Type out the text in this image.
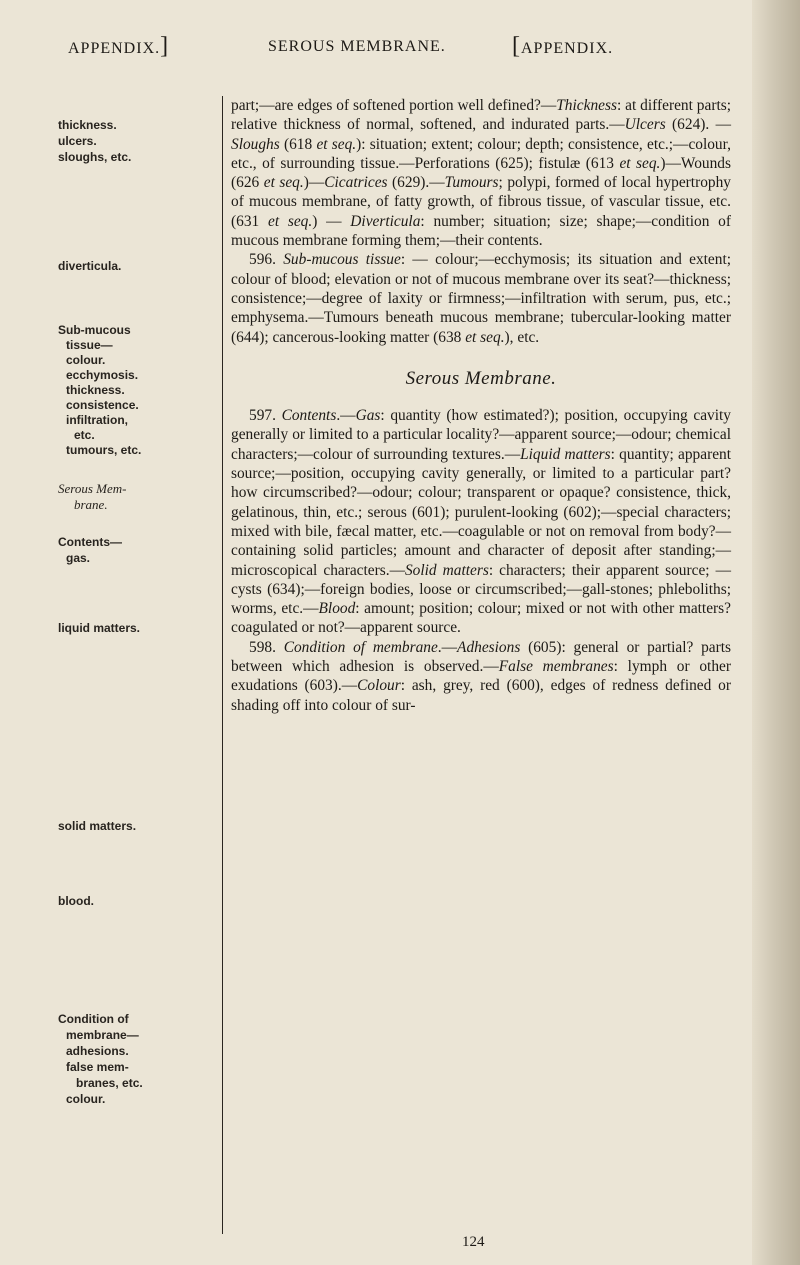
APPENDIX.]	SEROUS MEMBRANE.	[APPENDIX.
thickness.
ulcers.
sloughs, etc.
diverticula.
Sub-mucous
tissue—
colour.
ecchymosis.
thickness.
consistence.
infiltration,
etc.
tumours, etc.
Serous Mem-
brane.
Contents—
gas.
liquid matters.
solid matters.
blood.
Condition of
membrane—
adhesions.
false mem-
branes, etc.
colour.

part;—are edges of softened portion well defined?—Thickness: at different parts; relative thickness of normal, softened, and indurated parts.—Ulcers (624). —Sloughs (618 et seq.): situation; extent; colour; depth; consistence, etc.;—colour, etc., of surrounding tissue.—Perforations (625); fistulæ (613 et seq.)—Wounds (626 et seq.)—Cicatrices (629).—Tumours; polypi, formed of local hypertrophy of mucous membrane, of fatty growth, of fibrous tissue, of vascular tissue, etc. (631 et seq.) — Diverticula: number; situation; size; shape;—condition of mucous membrane forming them;—their contents.

596. Sub-mucous tissue: — colour;—ecchymosis; its situation and extent; colour of blood; elevation or not of mucous membrane over its seat?—thickness; consistence;—degree of laxity or firmness;—infiltration with serum, pus, etc.; emphysema.—Tumours beneath mucous membrane; tubercular-looking matter (644); cancerous-looking matter (638 et seq.), etc.

Serous Membrane.

597. Contents.—Gas: quantity (how estimated?); position, occupying cavity generally or limited to a particular locality?—apparent source;—odour; chemical characters;—colour of surrounding textures.—Liquid matters: quantity; apparent source;—position, occupying cavity generally, or limited to a particular part? how circumscribed?—odour; colour; transparent or opaque? consistence, thick, gelatinous, thin, etc.; serous (601); purulent-looking (602);—special characters; mixed with bile, fæcal matter, etc.—coagulable or not on removal from body?—containing solid particles; amount and character of deposit after standing;—microscopical characters.—Solid matters: characters; their apparent source; — cysts (634);—foreign bodies, loose or circumscribed;—gall-stones; phleboliths; worms, etc.—Blood: amount; position; colour; mixed or not with other matters? coagulated or not?—apparent source.

598. Condition of membrane.—Adhesions (605): general or partial? parts between which adhesion is observed.—False membranes: lymph or other exudations (603).—Colour: ash, grey, red (600), edges of redness defined or shading off into colour of sur-

124
